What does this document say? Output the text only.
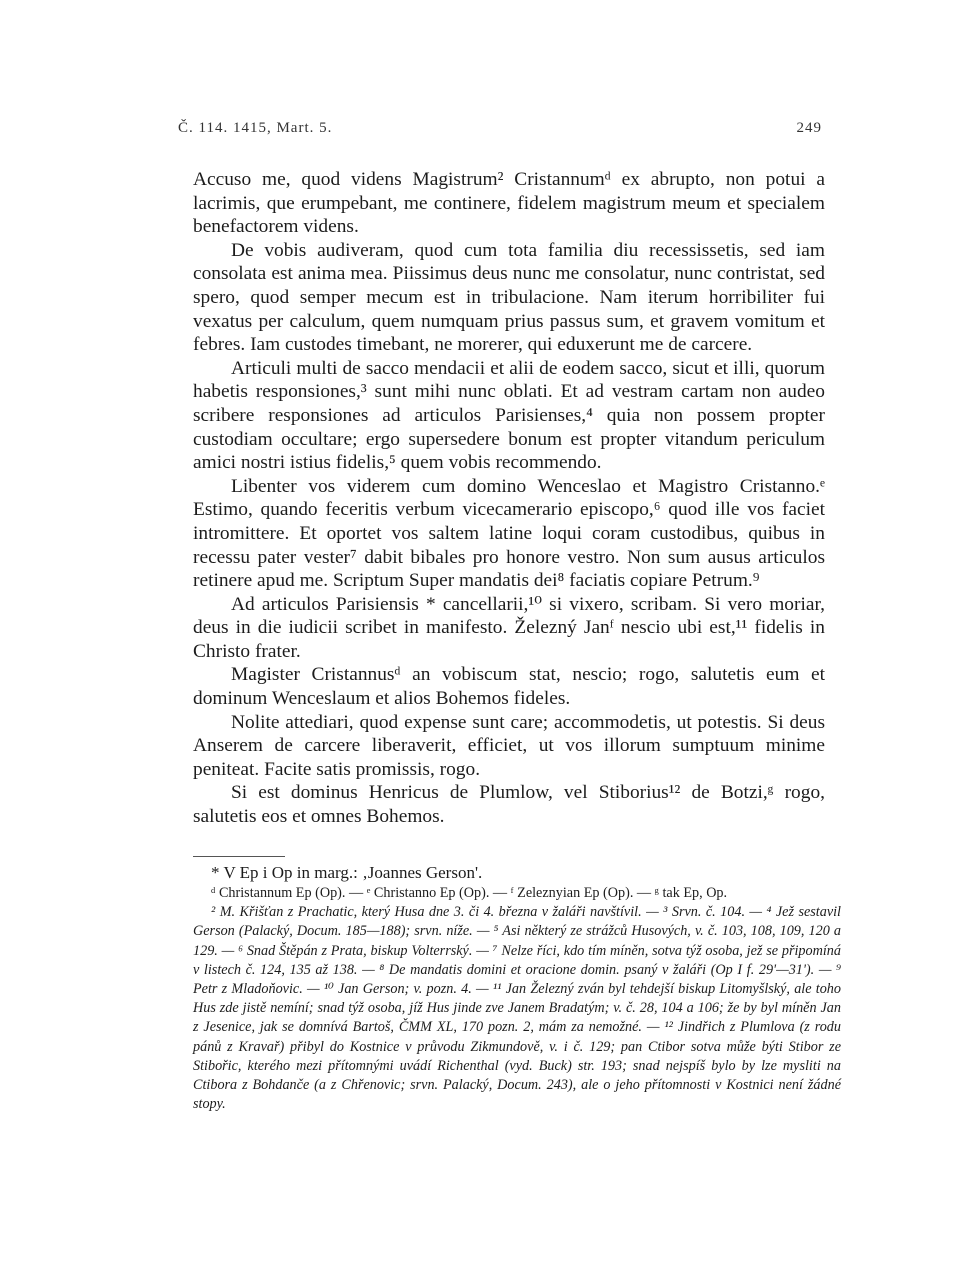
Č. 114. 1415, Mart. 5.	249

Accuso me, quod videns Magistrum² Cristannumᵈ ex abrupto, non potui a lacrimis, que erumpebant, me continere, fidelem magistrum meum et specialem benefactorem videns.

De vobis audiveram, quod cum tota familia diu recessissetis, sed iam consolata est anima mea. Piissimus deus nunc me consolatur, nunc contristat, sed spero, quod semper mecum est in tribulacione. Nam iterum horribiliter fui vexatus per calculum, quem numquam prius passus sum, et gravem vomitum et febres. Iam custodes timebant, ne morerer, qui eduxerunt me de carcere.

Articuli multi de sacco mendacii et alii de eodem sacco, sicut et illi, quorum habetis responsiones,³ sunt mihi nunc oblati. Et ad vestram cartam non audeo scribere responsiones ad articulos Parisienses,⁴ quia non possem propter custodiam occultare; ergo supersedere bonum est propter vitandum periculum amici nostri istius fidelis,⁵ quem vobis recommendo.

Libenter vos viderem cum domino Wenceslao et Magistro Cristanno.ᵉ Estimo, quando feceritis verbum vicecamerario episcopo,⁶ quod ille vos faciet intromittere. Et oportet vos saltem latine loqui coram custodibus, quibus in recessu pater vester⁷ dabit bibales pro honore vestro. Non sum ausus articulos retinere apud me. Scriptum Super mandatis dei⁸ faciatis copiare Petrum.⁹

Ad articulos Parisiensis * cancellarii,¹⁰ si vixero, scribam. Si vero moriar, deus in die iudicii scribet in manifesto. Železný Janᶠ nescio ubi est,¹¹ fidelis in Christo frater.

Magister Cristannusᵈ an vobiscum stat, nescio; rogo, salutetis eum et dominum Wenceslaum et alios Bohemos fideles.

Nolite attediari, quod expense sunt care; accommodetis, ut potestis. Si deus Anserem de carcere liberaverit, efficiet, ut vos illorum sumptuum minime peniteat. Facite satis promissis, rogo.

Si est dominus Henricus de Plumlow, vel Stiborius¹² de Botzi,ᵍ rogo, salutetis eos et omnes Bohemos.

* V Ep i Op in marg.: ‚Joannes Gerson'.

ᵈ Christannum Ep (Op). — ᵉ Christanno Ep (Op). — ᶠ Zeleznyian Ep (Op). — ᵍ tak Ep, Op.

² M. Křišťan z Prachatic, který Husa dne 3. či 4. března v žaláři navštívil. — ³ Srvn. č. 104. — ⁴ Jež sestavil Gerson (Palacký, Docum. 185—188); srvn. níže. — ⁵ Asi některý ze strážců Husových, v. č. 103, 108, 109, 120 a 129. — ⁶ Snad Štěpán z Prata, biskup Volterrský. — ⁷ Nelze říci, kdo tím míněn, sotva týž osoba, jež se připomíná v listech č. 124, 135 až 138. — ⁸ De mandatis domini et oracione domin. psaný v žaláři (Op I f. 29'—31'). — ⁹ Petr z Mladoňovic. — ¹⁰ Jan Gerson; v. pozn. 4. — ¹¹ Jan Železný zván byl tehdejší biskup Litomyšlský, ale toho Hus zde jistě nemíní; snad týž osoba, jíž Hus jinde zve Janem Bradatým; v. č. 28, 104 a 106; že by byl míněn Jan z Jesenice, jak se domnívá Bartoš, ČMM XL, 170 pozn. 2, mám za nemožné. — ¹² Jindřich z Plumlova (z rodu pánů z Kravař) přibyl do Kostnice v průvodu Zikmundově, v. i č. 129; pan Ctibor sotva může býti Stibor ze Stibořic, kterého mezi přítomnými uvádí Richenthal (vyd. Buck) str. 193; snad nejspíš bylo by lze mysliti na Ctibora z Bohdanče (a z Chřenovic; srvn. Palacký, Docum. 243), ale o jeho přítomnosti v Kostnici není žádné stopy.
